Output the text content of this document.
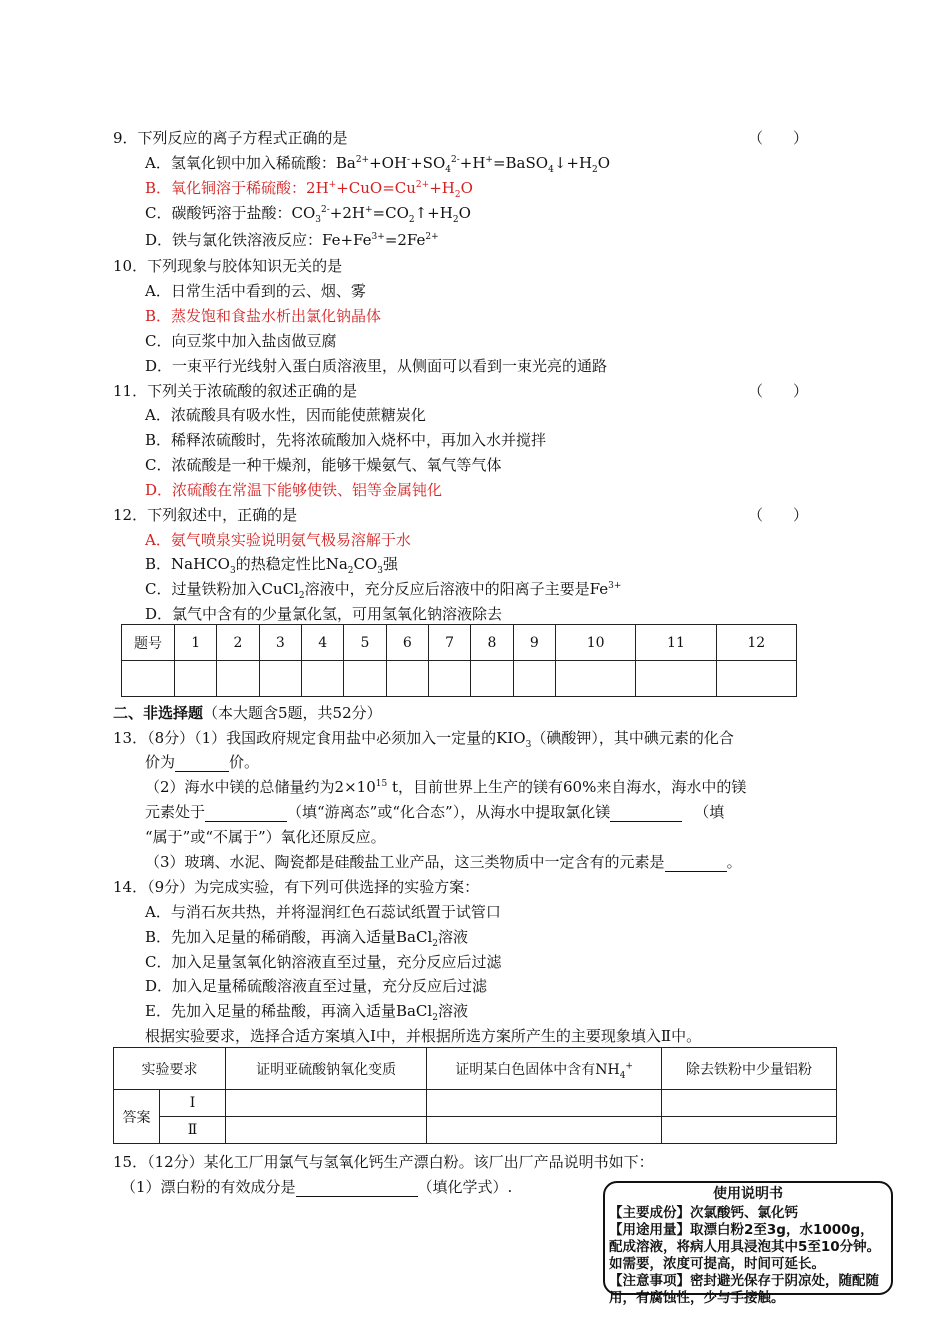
9．下列反应的离子方程式正确的是	（　　）
A．氢氧化钡中加入稀硫酸：$Ba^{2+}+OH^-+SO_4^{2-}+H^+=BaSO_4↓+H_2O$
B．氧化铜溶于稀硫酸：$2H^++CuO=Cu^{2+}+H_2O$
C．碳酸钙溶于盐酸：$CO_3^{2-}+2H^+=CO_2↑+H_2O$
D．铁与氯化铁溶液反应：$Fe+Fe^{3+}=2Fe^{2+}$
10．下列现象与胶体知识无关的是
A．日常生活中看到的云、烟、雾
B．蒸发饱和食盐水析出氯化钠晶体
C．向豆浆中加入盐卤做豆腐
D．一束平行光线射入蛋白质溶液里，从侧面可以看到一束光亮的通路
11．下列关于浓硫酸的叙述正确的是	（　　）
A．浓硫酸具有吸水性，因而能使蔗糖炭化
B．稀释浓硫酸时，先将浓硫酸加入烧杯中，再加入水并搅拌
C．浓硫酸是一种干燥剂，能够干燥氨气、氧气等气体
D．浓硫酸在常温下能够使铁、铝等金属钝化
12．下列叙述中，正确的是	（　　）
A．氨气喷泉实验说明氨气极易溶解于水
B．NaHCO$_3$的热稳定性比$Na_2CO_3$强
C．过量铁粉加入CuCl$_2$溶液中，充分反应后溶液中的阳离子主要是$Fe^{3+}$
D．氯气中含有的少量氯化氢，可用氢氧化钠溶液除去
题号	1	2	3	4	5	6	7	8	9	10	11	12

二、非选择题（本大题含5题，共52分）
13．（8分）（1）我国政府规定食用盐中必须加入一定量的$KIO_3$（碘酸钾），其中碘元素的化合
价为	价。
（2）海水中镁的总储量约为$2\times 10^{15}$ t，目前世界上生产的镁有60%来自海水，海水中的镁
元素处于	（填“游离态”或“化合态”），从海水中提取氯化镁	（填
“属于”或“不属于”）氧化还原反应。
（3）玻璃、水泥、陶瓷都是硅酸盐工业产品，这三类物质中一定含有的元素是	。
14．（9分）为完成实验，有下列可供选择的实验方案：
A．与消石灰共热，并将湿润红色石蕊试纸置于试管口
B．先加入足量的稀硝酸，再滴入适量BaCl$_2$溶液
C．加入足量氢氧化钠溶液直至过量，充分反应后过滤
D．加入足量稀硫酸溶液直至过量，充分反应后过滤
E．先加入足量的稀盐酸，再滴入适量BaCl$_2$溶液
根据实验要求，选择合适方案填入Ⅰ中，并根据所选方案所产生的主要现象填入Ⅱ中。
实验要求		证明亚硫酸钠氧化变质	证明某白色固体中含有$NH_4^+$	除去铁粉中少量铝粉
答案	Ⅰ			
	Ⅱ			
15．（12分）某化工厂用氯气与氢氧化钙生产漂白粉。该厂出厂产品说明书如下：
（1）漂白粉的有效成分是	（填化学式）.	使用说明书
【主要成份】次氯酸钙、氯化钙
【用途用量】取漂白粉2至3g，水1000g，配成溶液，将病人用具浸泡其中5至10分钟。如需要，浓度可提高，时间可延长。
【注意事项】密封避光保存于阴凉处，随配随用，有腐蚀性，少与手接触。
